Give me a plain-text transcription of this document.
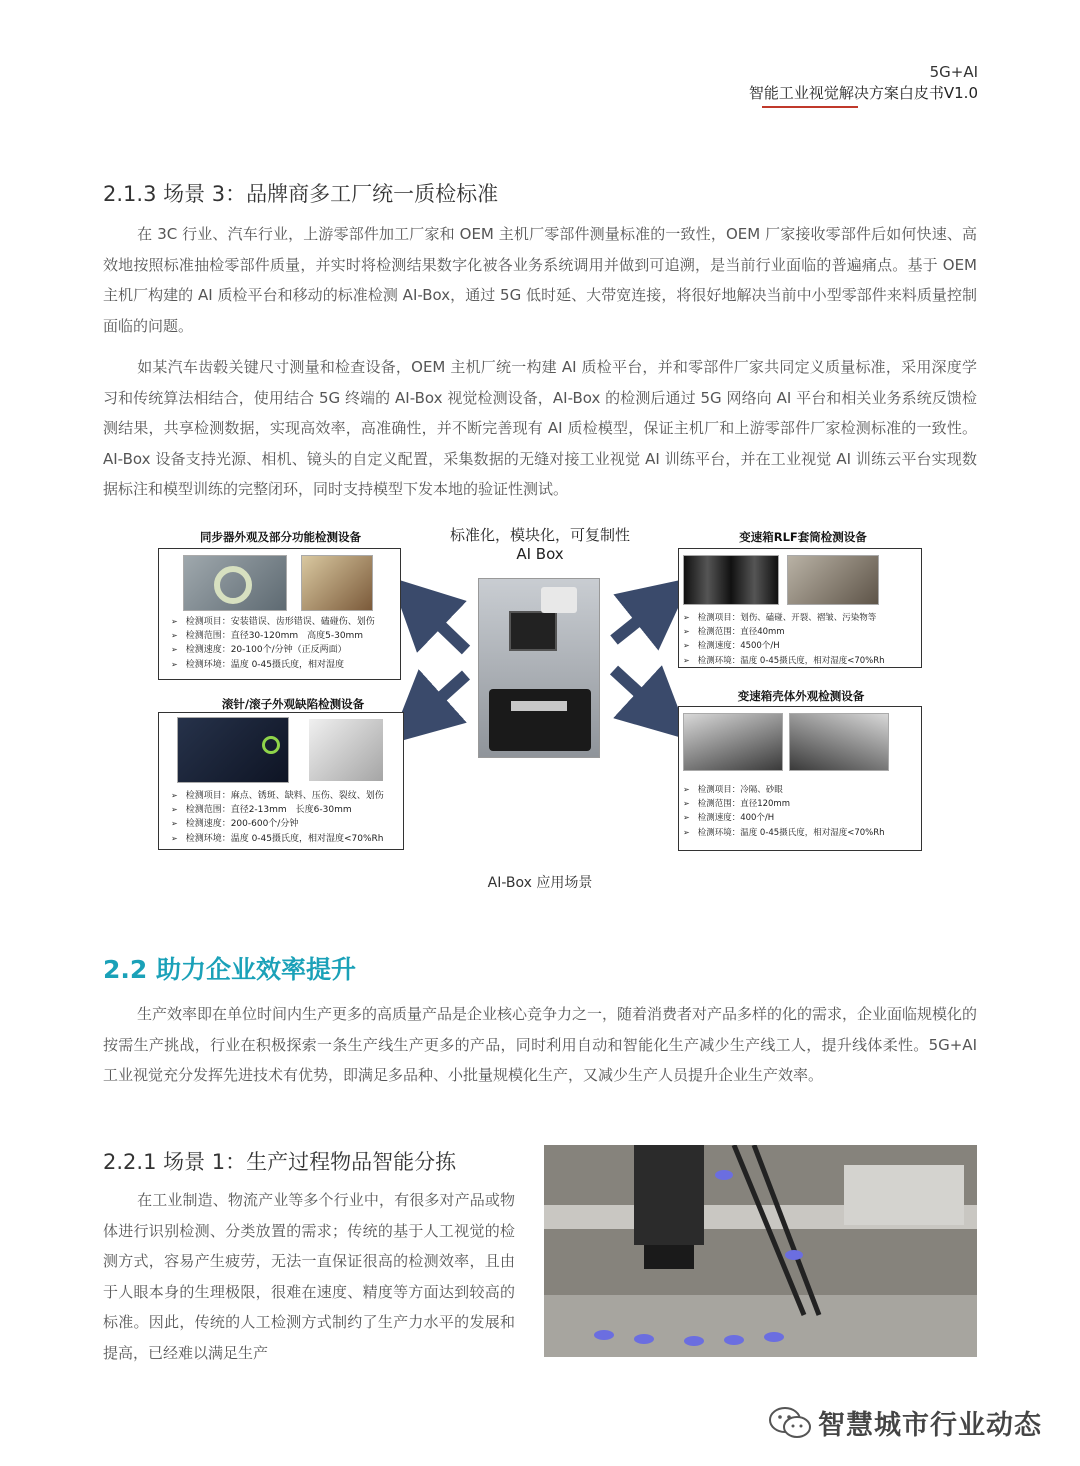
5G+AI
智能工业视觉解决方案白皮书V1.0
2.1.3 场景 3：品牌商多工厂统一质检标准
在 3C 行业、汽车行业，上游零部件加工厂家和 OEM 主机厂零部件测量标准的一致性，OEM 厂家接收零部件后如何快速、高效地按照标准抽检零部件质量，并实时将检测结果数字化被各业务系统调用并做到可追溯，是当前行业面临的普遍痛点。基于 OEM 主机厂构建的 AI 质检平台和移动的标准检测 AI-Box，通过 5G 低时延、大带宽连接，将很好地解决当前中小型零部件来料质量控制面临的问题。
如某汽车齿毂关键尺寸测量和检查设备，OEM 主机厂统一构建 AI 质检平台，并和零部件厂家共同定义质量标准，采用深度学习和传统算法相结合，使用结合 5G 终端的 AI-Box 视觉检测设备，AI-Box 的检测后通过 5G 网络向 AI 平台和相关业务系统反馈检测结果，共享检测数据，实现高效率，高准确性，并不断完善现有 AI 质检模型，保证主机厂和上游零部件厂家检测标准的一致性。AI-Box 设备支持光源、相机、镜头的自定义配置，采集数据的无缝对接工业视觉 AI 训练平台，并在工业视觉 AI 训练云平台实现数据标注和模型训练的完整闭环，同时支持模型下发本地的验证性测试。
标准化，模块化，可复制性
AI Box
➢ 检测项目：安装错误、齿形错误、磕碰伤、划伤
➢ 检测范围：直径30-120mm　高度5-30mm
➢ 检测速度：20-100个/分钟（正反两面）
➢ 检测环境：温度 0-45摄氏度，相对湿度
同步器外观及部分功能检测设备
➢ 检测项目：麻点、锈斑、缺料、压伤、裂纹、划伤
➢ 检测范围：直径2-13mm　长度6-30mm
➢ 检测速度：200-600个/分钟
➢ 检测环境：温度 0-45摄氏度，相对湿度<70%Rh
滚针/滚子外观缺陷检测设备
➢ 检测项目：划伤、磕碰、开裂、褶皱、污染物等
➢ 检测范围：直径40mm
➢ 检测速度：4500个/H
➢ 检测环境：温度 0-45摄氏度，相对湿度<70%Rh
变速箱RLF套筒检测设备
➢ 检测项目：冷隔、砂眼
➢ 检测范围：直径120mm
➢ 检测速度：400个/H
➢ 检测环境：温度 0-45摄氏度，相对湿度<70%Rh
变速箱壳体外观检测设备
AI-Box 应用场景
2.2 助力企业效率提升
生产效率即在单位时间内生产更多的高质量产品是企业核心竞争力之一，随着消费者对产品多样的化的需求，企业面临规模化的按需生产挑战，行业在积极探索一条生产线生产更多的产品，同时利用自动和智能化生产减少生产线工人，提升线体柔性。5G+AI 工业视觉充分发挥先进技术有优势，即满足多品种、小批量规模化生产，又减少生产人员提升企业生产效率。
2.2.1 场景 1：生产过程物品智能分拣
在工业制造、物流产业等多个行业中，有很多对产品或物体进行识别检测、分类放置的需求；传统的基于人工视觉的检测方式，容易产生疲劳，无法一直保证很高的检测效率，且由于人眼本身的生理极限，很难在速度、精度等方面达到较高的标准。因此，传统的人工检测方式制约了生产力水平的发展和提高，已经难以满足生产
智慧城市行业动态
